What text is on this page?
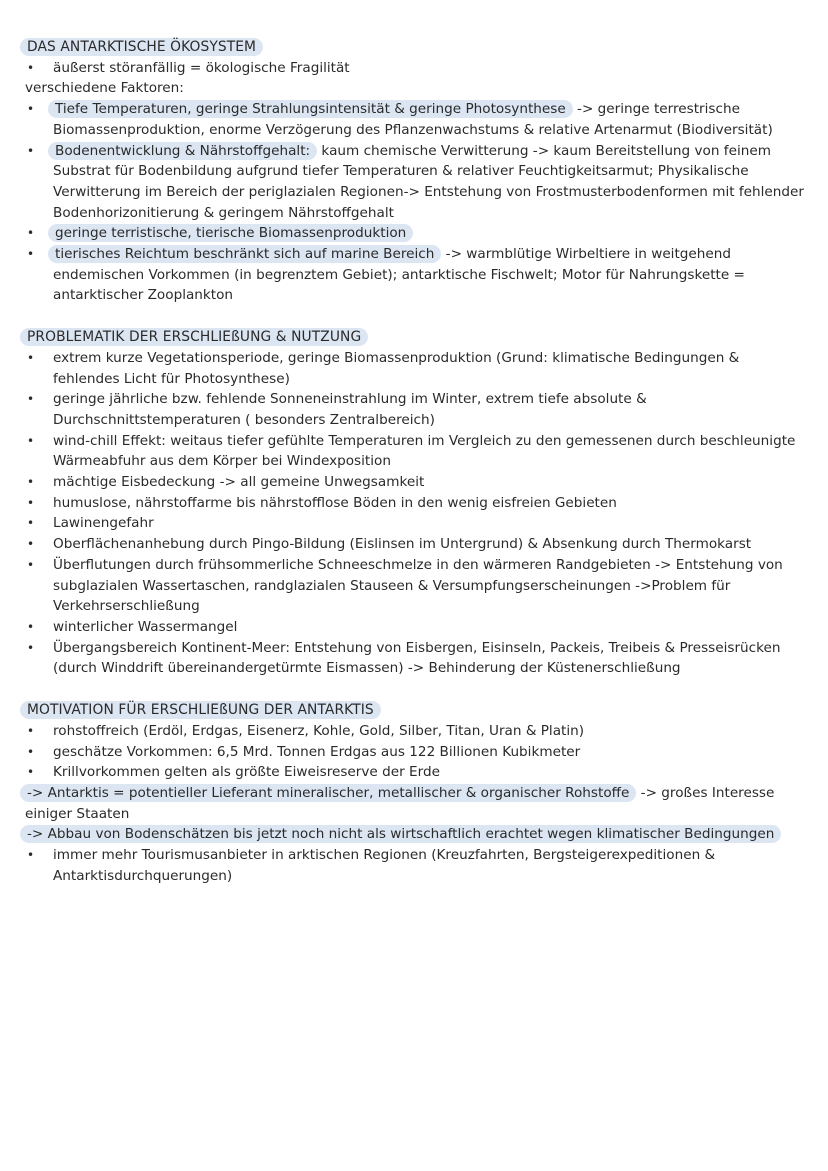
DAS ANTARKTISCHE ÖKOSYSTEM
• äußerst störanfällig = ökologische Fragilität

verschiedene Faktoren:

• Tiefe Temperaturen, geringe Strahlungsintensität & geringe Photosynthese -> geringe terrestrische Biomassenproduktion, enorme Verzögerung des Pflanzenwachstums & relative Artenarmut (Biodiversität)
• Bodenentwicklung & Nährstoffgehalt: kaum chemische Verwitterung -> kaum Bereitstellung von feinem Substrat für Bodenbildung aufgrund tiefer Temperaturen & relativer Feuchtigkeitsarmut; Physikalische Verwitterung im Bereich der periglazialen Regionen-> Entstehung von Frostmusterbodenformen mit fehlender Bodenhorizonitierung & geringem Nährstoffgehalt
• geringe terristische, tierische Biomassenproduktion
• tierisches Reichtum beschränkt sich auf marine Bereich -> warmblütige Wirbeltiere in weitgehend endemischen Vorkommen (in begrenztem Gebiet); antarktische Fischwelt; Motor für Nahrungskette = antarktischer Zooplankton
PROBLEMATIK DER ERSCHLIEßUNG & NUTZUNG
• extrem kurze Vegetationsperiode, geringe Biomassenproduktion (Grund: klimatische Bedingungen & fehlendes Licht für Photosynthese)
• geringe jährliche bzw. fehlende Sonneneinstrahlung im Winter, extrem tiefe absolute & Durchschnittstemperaturen ( besonders Zentralbereich)
• wind-chill Effekt: weitaus tiefer gefühlte Temperaturen im Vergleich zu den gemessenen durch beschleunigte Wärmeabfuhr aus dem Körper bei Windexposition
• mächtige Eisbedeckung -> all gemeine Unwegsamkeit
• humuslose, nährstoffarme bis nährstofflose Böden in den wenig eisfreien Gebieten
• Lawinengefahr
• Oberflächenanhebung durch Pingo-Bildung (Eislinsen im Untergrund) & Absenkung durch Thermokarst
• Überflutungen durch frühsommerliche Schneeschmelze in den wärmeren Randgebieten -> Entstehung von subglazialen Wassertaschen, randglazialen Stauseen & Versumpfungserscheinungen ->Problem für Verkehrserschließung
• winterlicher Wassermangel
• Übergangsbereich Kontinent-Meer: Entstehung von Eisbergen, Eisinseln, Packeis, Treibeis & Presseisrücken (durch Winddrift übereinandergetürmte Eismassen) -> Behinderung der Küstenerschließung
MOTIVATION FÜR ERSCHLIEßUNG DER ANTARKTIS
• rohstoffreich (Erdöl, Erdgas, Eisenerz, Kohle, Gold, Silber, Titan, Uran & Platin)
• geschätze Vorkommen: 6,5 Mrd. Tonnen Erdgas aus 122 Billionen Kubikmeter
• Krillvorkommen gelten als größte Eiweisreserve der Erde

-> Antarktis = potentieller Lieferant mineralischer, metallischer & organischer Rohstoffe -> großes Interesse einiger Staaten

-> Abbau von Bodenschätzen bis jetzt noch nicht als wirtschaftlich erachtet wegen klimatischer Bedingungen

• immer mehr Tourismusanbieter in arktischen Regionen (Kreuzfahrten, Bergsteigerexpeditionen & Antarktisdurchquerungen)
